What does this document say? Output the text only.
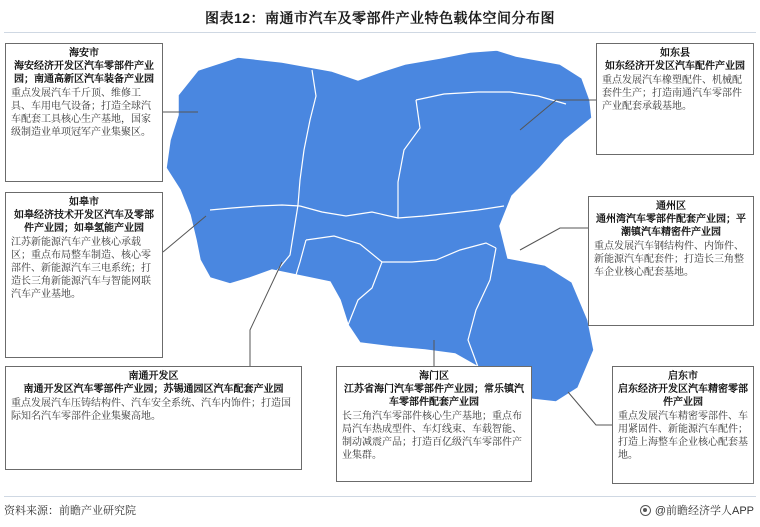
图表12：南通市汽车及零部件产业特色载体空间分布图
海安市
海安经济开发区汽车零部件产业园；南通高新区汽车装备产业园
重点发展汽车千斤顶、维修工具、车用电气设备；打造全球汽车配套工具核心生产基地，国家级制造业单项冠军产业集聚区。
如皋市
如皋经济技术开发区汽车及零部件产业园；如皋氢能产业园
江苏新能源汽车产业核心承载区；重点布局整车制造、核心零部件、新能源汽车三电系统；打造长三角新能源汽车与智能网联汽车产业基地。
南通开发区
南通开发区汽车零部件产业园；苏锡通园区汽车配套产业园
重点发展汽车压铸结构件、汽车安全系统、汽车内饰件；打造国际知名汽车零部件企业集聚高地。
海门区
江苏省海门汽车零部件产业园；常乐镇汽车零部件配套产业园
长三角汽车零部件核心生产基地；重点布局汽车热成型件、车灯线束、车载智能、制动减震产品；打造百亿级汽车零部件产业集群。
如东县
如东经济开发区汽车配件产业园
重点发展汽车橡塑配件、机械配套件生产；打造南通汽车零部件产业配套承载基地。
通州区
通州湾汽车零部件配套产业园；平潮镇汽车精密件产业园
重点发展汽车钢结构件、内饰件、新能源汽车配套件；打造长三角整车企业核心配套基地。
启东市
启东经济开发区汽车精密零部件产业园
重点发展汽车精密零部件、车用紧固件、新能源汽车配件；打造上海整车企业核心配套基地。
资料来源：前瞻产业研究院	@前瞻经济学人APP
